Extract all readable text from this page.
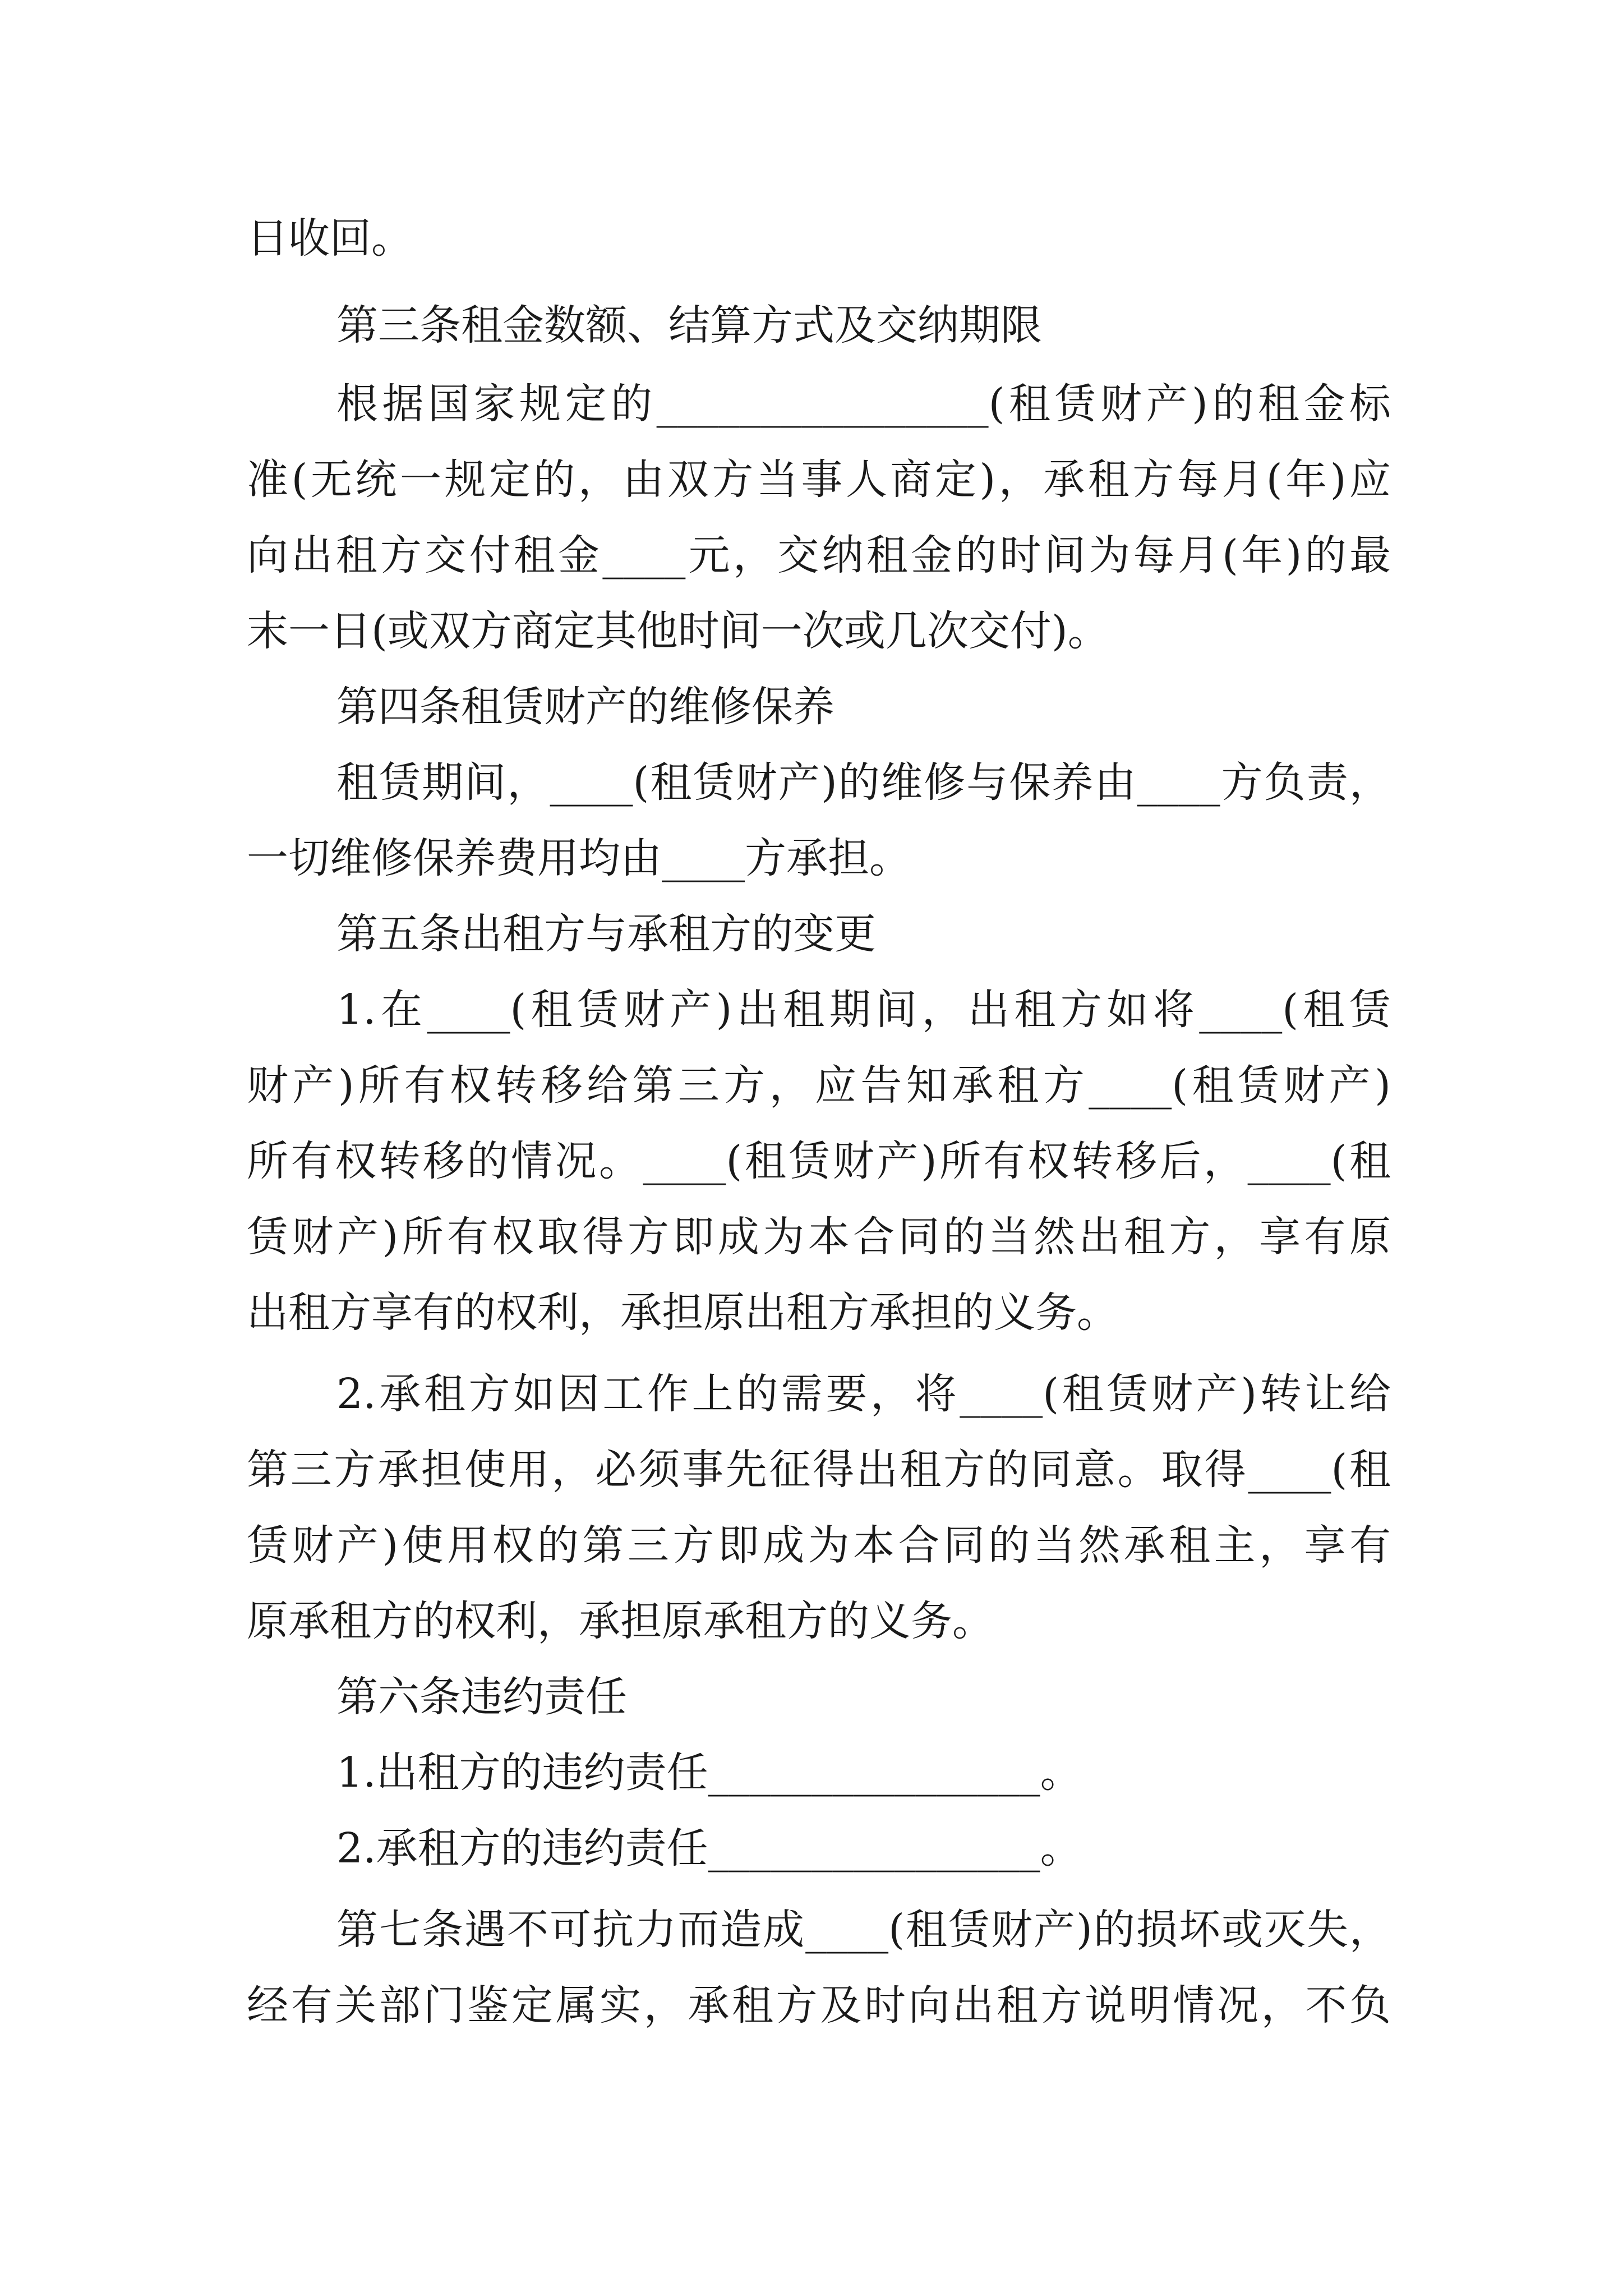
日收回。
第三条租金数额、结算方式及交纳期限
根据国家规定的________________(租赁财产)的租金标
准(无统一规定的，由双方当事人商定)，承租方每月(年)应
向出租方交付租金____元，交纳租金的时间为每月(年)的最
末一日(或双方商定其他时间一次或几次交付)。
第四条租赁财产的维修保养
租赁期间，____(租赁财产)的维修与保养由____方负责，
一切维修保养费用均由____方承担。
第五条出租方与承租方的变更
1.在____(租赁财产)出租期间，出租方如将____(租赁
财产)所有权转移给第三方，应告知承租方____(租赁财产)
所有权转移的情况。____(租赁财产)所有权转移后，____(租
赁财产)所有权取得方即成为本合同的当然出租方，享有原
出租方享有的权利，承担原出租方承担的义务。
2.承租方如因工作上的需要，将____(租赁财产)转让给
第三方承担使用，必须事先征得出租方的同意。取得____(租
赁财产)使用权的第三方即成为本合同的当然承租主，享有
原承租方的权利，承担原承租方的义务。
第六条违约责任
1.出租方的违约责任________________。
2.承租方的违约责任________________。
第七条遇不可抗力而造成____(租赁财产)的损坏或灭失，
经有关部门鉴定属实，承租方及时向出租方说明情况，不负
